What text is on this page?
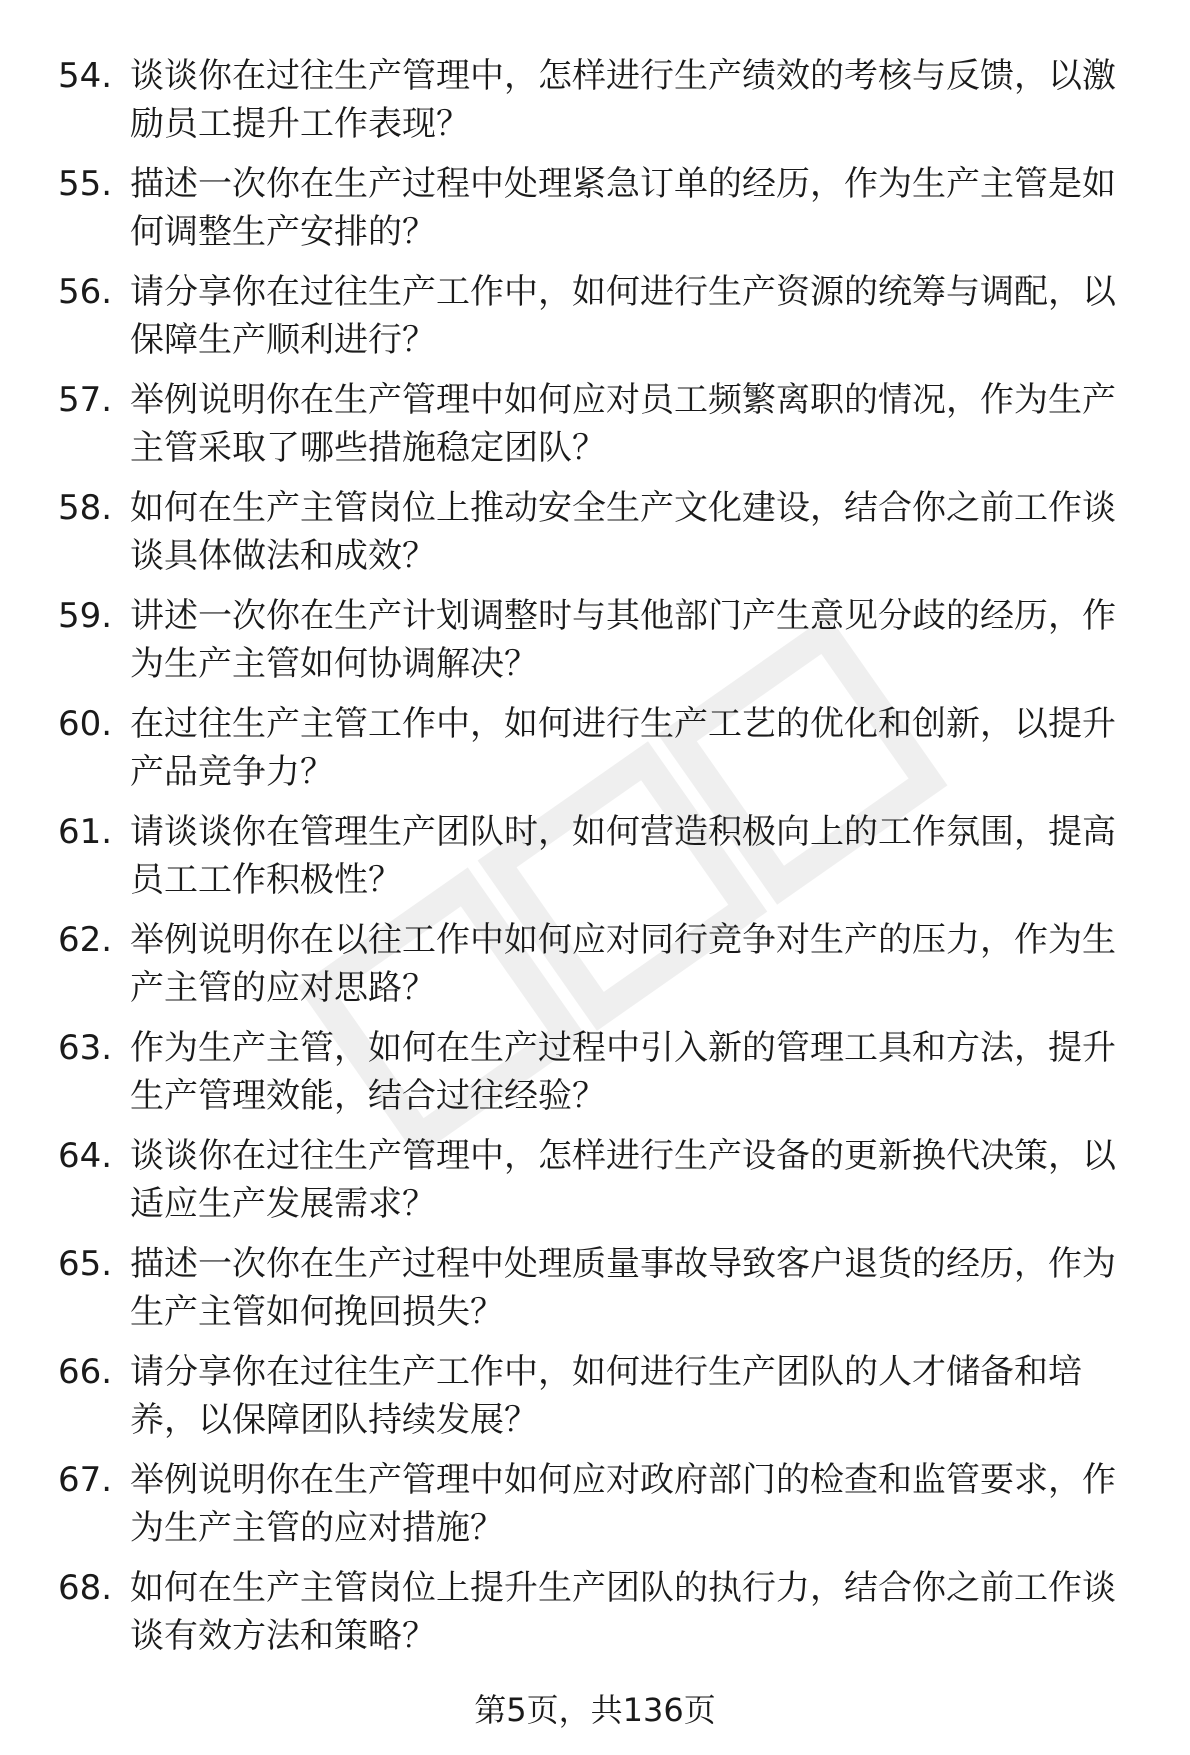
54. 谈谈你在过往生产管理中，怎样进行生产绩效的考核与反馈，以激励员工提升工作表现？
55. 描述一次你在生产过程中处理紧急订单的经历，作为生产主管是如何调整生产安排的？
56. 请分享你在过往生产工作中，如何进行生产资源的统筹与调配，以保障生产顺利进行？
57. 举例说明你在生产管理中如何应对员工频繁离职的情况，作为生产主管采取了哪些措施稳定团队？
58. 如何在生产主管岗位上推动安全生产文化建设，结合你之前工作谈谈具体做法和成效？
59. 讲述一次你在生产计划调整时与其他部门产生意见分歧的经历，作为生产主管如何协调解决？
60. 在过往生产主管工作中，如何进行生产工艺的优化和创新，以提升产品竞争力？
61. 请谈谈你在管理生产团队时，如何营造积极向上的工作氛围，提高员工工作积极性？
62. 举例说明你在以往工作中如何应对同行竞争对生产的压力，作为生产主管的应对思路？
63. 作为生产主管，如何在生产过程中引入新的管理工具和方法，提升生产管理效能，结合过往经验？
64. 谈谈你在过往生产管理中，怎样进行生产设备的更新换代决策，以适应生产发展需求？
65. 描述一次你在生产过程中处理质量事故导致客户退货的经历，作为生产主管如何挽回损失？
66. 请分享你在过往生产工作中，如何进行生产团队的人才储备和培养，以保障团队持续发展？
67. 举例说明你在生产管理中如何应对政府部门的检查和监管要求，作为生产主管的应对措施？
68. 如何在生产主管岗位上提升生产团队的执行力，结合你之前工作谈谈有效方法和策略？
第5页，共136页
